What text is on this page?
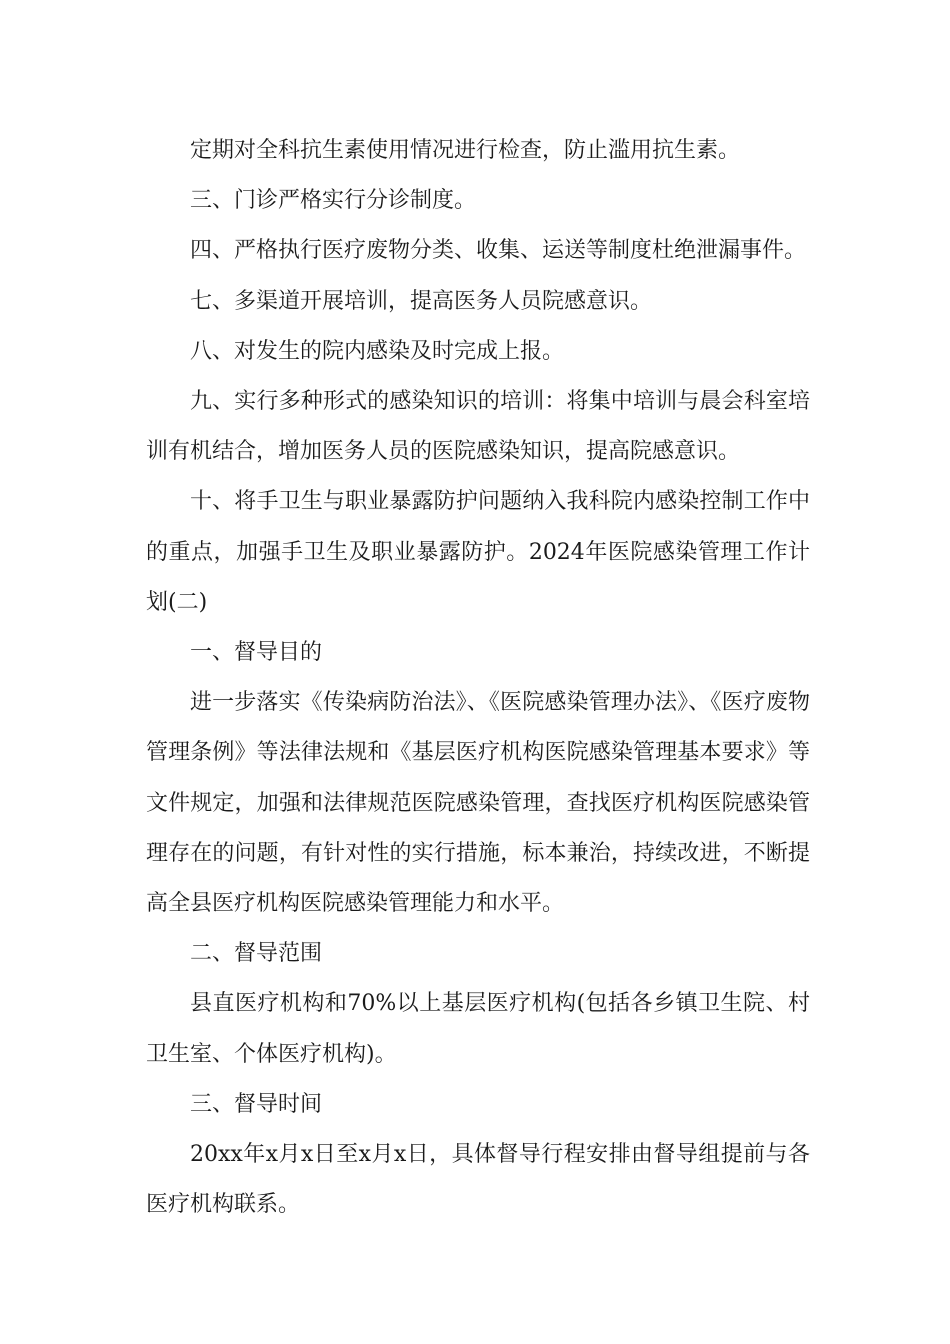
定期对全科抗生素使用情况进行检查，防止滥用抗生素。

三、门诊严格实行分诊制度。

四、严格执行医疗废物分类、收集、运送等制度杜绝泄漏事件。

七、多渠道开展培训，提高医务人员院感意识。

八、对发生的院内感染及时完成上报。

九、实行多种形式的感染知识的培训：将集中培训与晨会科室培训有机结合，增加医务人员的医院感染知识，提高院感意识。

十、将手卫生与职业暴露防护问题纳入我科院内感染控制工作中的重点，加强手卫生及职业暴露防护。2024年医院感染管理工作计划(二)

一、督导目的

进一步落实《传染病防治法》、《医院感染管理办法》、《医疗废物管理条例》等法律法规和《基层医疗机构医院感染管理基本要求》等文件规定，加强和法律规范医院感染管理，查找医疗机构医院感染管理存在的问题，有针对性的实行措施，标本兼治，持续改进，不断提高全县医疗机构医院感染管理能力和水平。

二、督导范围

县直医疗机构和70%以上基层医疗机构(包括各乡镇卫生院、村卫生室、个体医疗机构)。

三、督导时间

20xx年x月x日至x月x日，具体督导行程安排由督导组提前与各医疗机构联系。
